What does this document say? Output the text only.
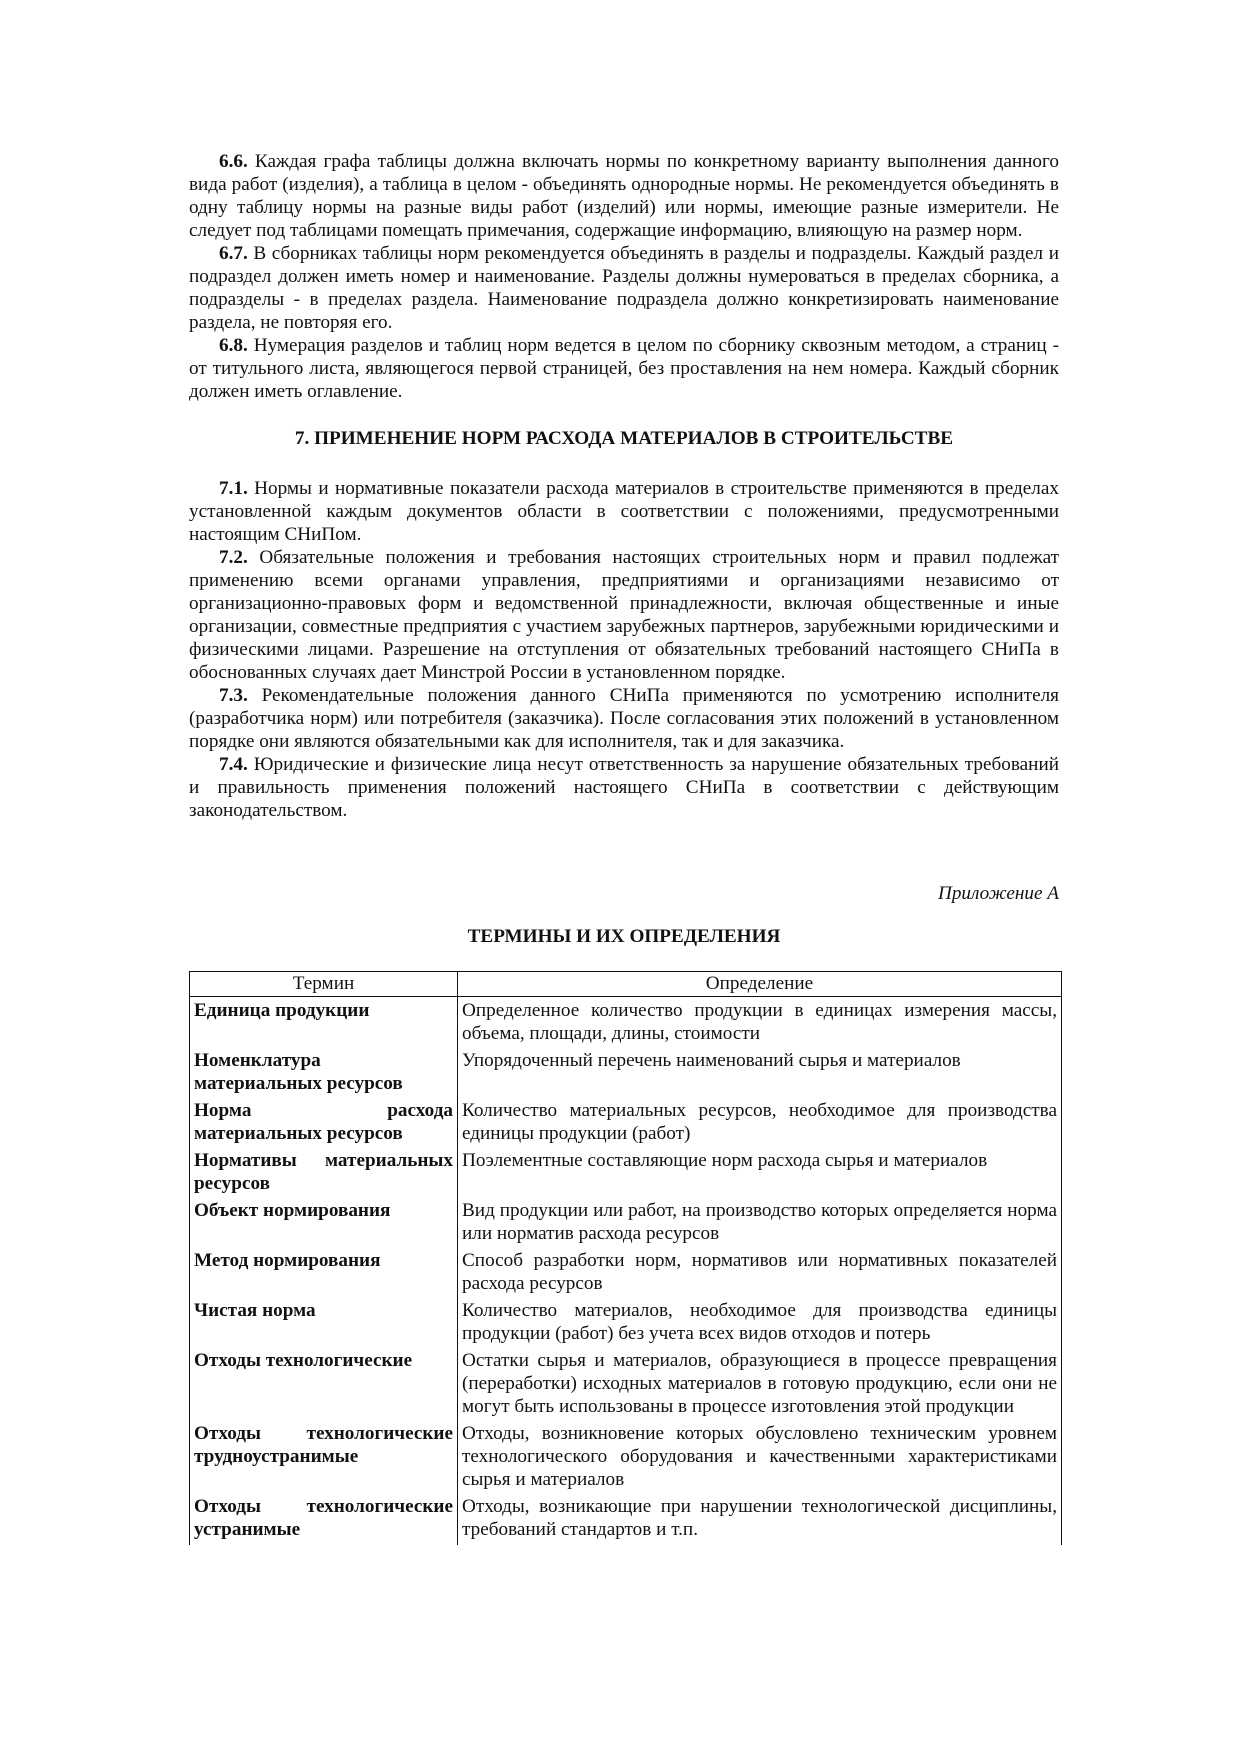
6.6. Каждая графа таблицы должна включать нормы по конкретному варианту выполнения данного вида работ (изделия), а таблица в целом - объединять однородные нормы. Не рекомендуется объединять в одну таблицу нормы на разные виды работ (изделий) или нормы, имеющие разные измерители. Не следует под таблицами помещать примечания, содержащие информацию, влияющую на размер норм.

6.7. В сборниках таблицы норм рекомендуется объединять в разделы и подразделы. Каждый раздел и подраздел должен иметь номер и наименование. Разделы должны нумероваться в пределах сборника, а подразделы - в пределах раздела. Наименование подраздела должно конкретизировать наименование раздела, не повторяя его.

6.8. Нумерация разделов и таблиц норм ведется в целом по сборнику сквозным методом, а страниц - от титульного листа, являющегося первой страницей, без проставления на нем номера. Каждый сборник должен иметь оглавление.

7. ПРИМЕНЕНИЕ НОРМ РАСХОДА МАТЕРИАЛОВ В СТРОИТЕЛЬСТВЕ

7.1. Нормы и нормативные показатели расхода материалов в строительстве применяются в пределах установленной каждым документов области в соответствии с положениями, предусмотренными настоящим СНиПом.

7.2. Обязательные положения и требования настоящих строительных норм и правил подлежат применению всеми органами управления, предприятиями и организациями независимо от организационно-правовых форм и ведомственной принадлежности, включая общественные и иные организации, совместные предприятия с участием зарубежных партнеров, зарубежными юридическими и физическими лицами. Разрешение на отступления от обязательных требований настоящего СНиПа в обоснованных случаях дает Минстрой России в установленном порядке.

7.3. Рекомендательные положения данного СНиПа применяются по усмотрению исполнителя (разработчика норм) или потребителя (заказчика). После согласования этих положений в установленном порядке они являются обязательными как для исполнителя, так и для заказчика.

7.4. Юридические и физические лица несут ответственность за нарушение обязательных требований и правильность применения положений настоящего СНиПа в соответствии с действующим законодательством.

Приложение А
ТЕРМИНЫ И ИХ ОПРЕДЕЛЕНИЯ
Термин	Определение
Единица продукции	Определенное количество продукции в единицах измерения массы, объема, площади, длины, стоимости
Номенклатура материальных ресурсов	Упорядоченный перечень наименований сырья и материалов
Норма расхода материальных ресурсов	Количество материальных ресурсов, необходимое для производства единицы продукции (работ)
Нормативы материальных ресурсов	Поэлементные составляющие норм расхода сырья и материалов
Объект нормирования	Вид продукции или работ, на производство которых определяется норма или норматив расхода ресурсов
Метод нормирования	Способ разработки норм, нормативов или нормативных показателей расхода ресурсов
Чистая норма	Количество материалов, необходимое для производства единицы продукции (работ) без учета всех видов отходов и потерь
Отходы технологические	Остатки сырья и материалов, образующиеся в процессе превращения (переработки) исходных материалов в готовую продукцию, если они не могут быть использованы в процессе изготовления этой продукции
Отходы технологические трудноустранимые	Отходы, возникновение которых обусловлено техническим уровнем технологического оборудования и качественными характеристиками сырья и материалов
Отходы технологические устранимые	Отходы, возникающие при нарушении технологической дисциплины, требований стандартов и т.п.
